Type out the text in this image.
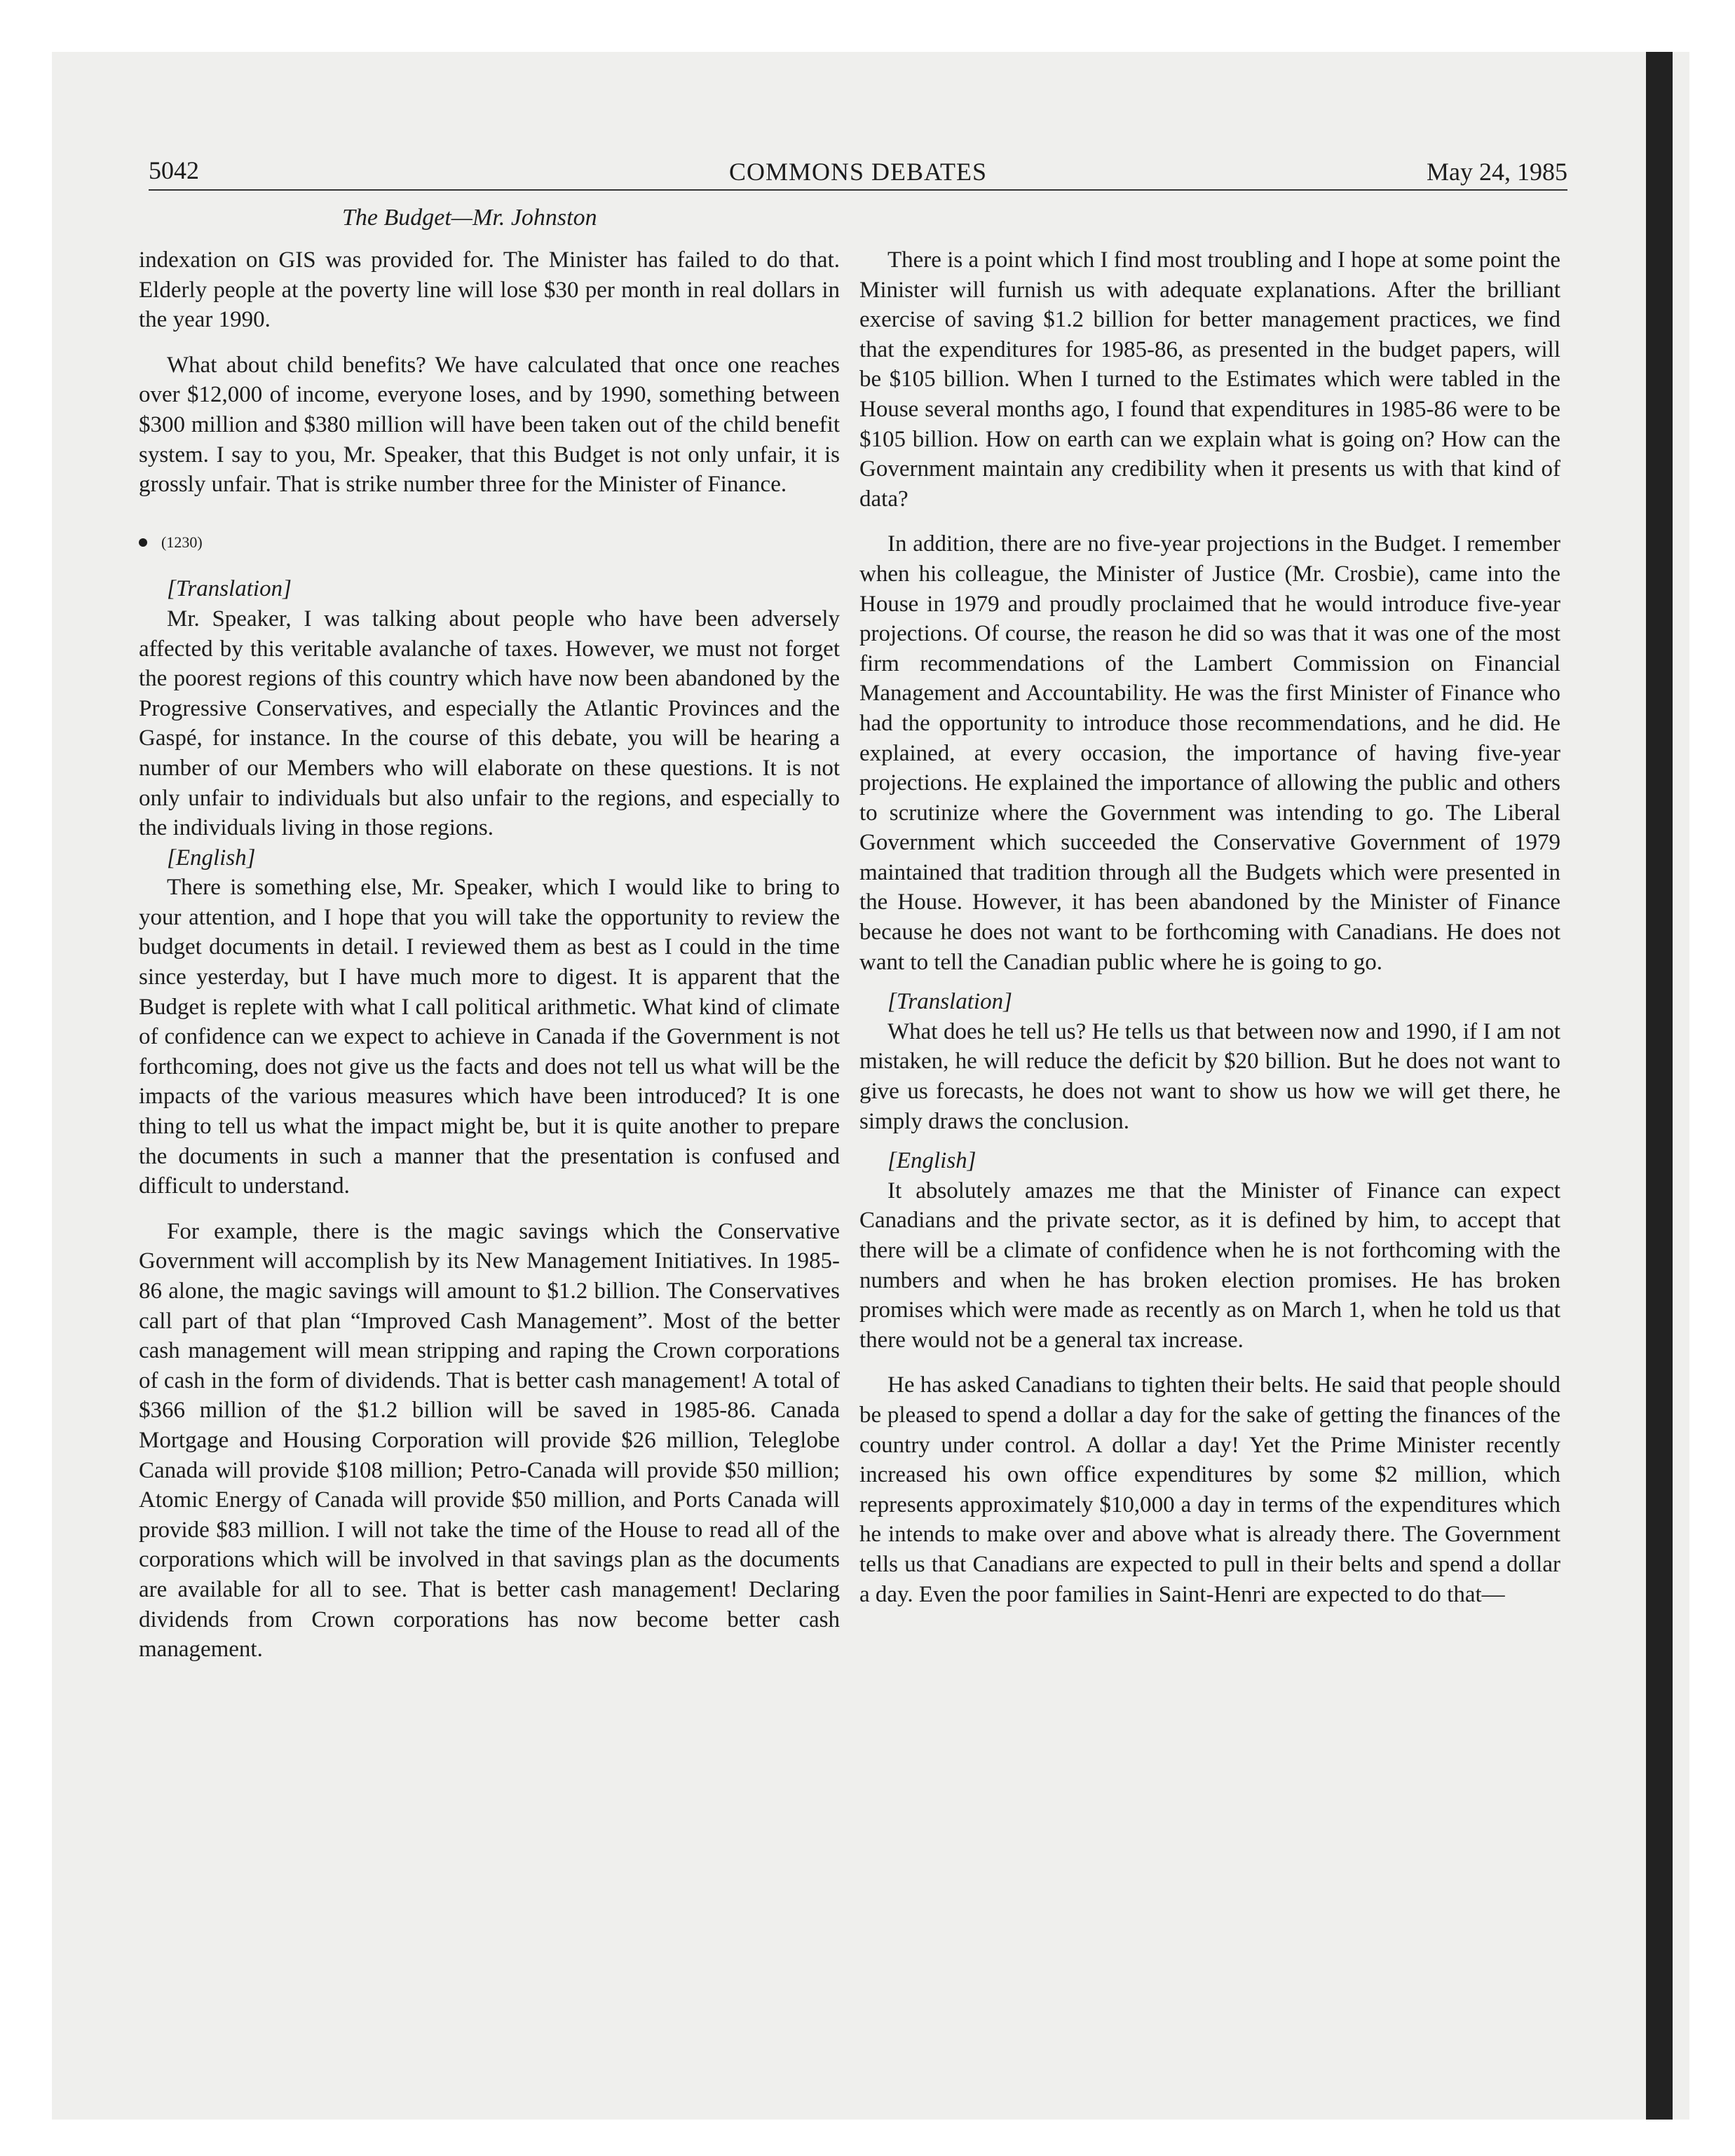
5042	COMMONS DEBATES	May 24, 1985
The Budget—Mr. Johnston

indexation on GIS was provided for. The Minister has failed to do that. Elderly people at the poverty line will lose $30 per month in real dollars in the year 1990.

What about child benefits? We have calculated that once one reaches over $12,000 of income, everyone loses, and by 1990, something between $300 million and $380 million will have been taken out of the child benefit system. I say to you, Mr. Speaker, that this Budget is not only unfair, it is grossly unfair. That is strike number three for the Minister of Finance.

(1230)

[Translation]

Mr. Speaker, I was talking about people who have been adversely affected by this veritable avalanche of taxes. However, we must not forget the poorest regions of this country which have now been abandoned by the Progressive Conservatives, and especially the Atlantic Provinces and the Gaspé, for instance. In the course of this debate, you will be hearing a number of our Members who will elaborate on these questions. It is not only unfair to individuals but also unfair to the regions, and especially to the individuals living in those regions.

[English]

There is something else, Mr. Speaker, which I would like to bring to your attention, and I hope that you will take the opportunity to review the budget documents in detail. I reviewed them as best as I could in the time since yesterday, but I have much more to digest. It is apparent that the Budget is replete with what I call political arithmetic. What kind of climate of confidence can we expect to achieve in Canada if the Government is not forthcoming, does not give us the facts and does not tell us what will be the impacts of the various measures which have been introduced? It is one thing to tell us what the impact might be, but it is quite another to prepare the documents in such a manner that the presentation is confused and difficult to understand.

For example, there is the magic savings which the Conservative Government will accomplish by its New Management Initiatives. In 1985-86 alone, the magic savings will amount to $1.2 billion. The Conservatives call part of that plan “Improved Cash Management”. Most of the better cash management will mean stripping and raping the Crown corporations of cash in the form of dividends. That is better cash management! A total of $366 million of the $1.2 billion will be saved in 1985-86. Canada Mortgage and Housing Corporation will provide $26 million, Teleglobe Canada will provide $108 million; Petro-Canada will provide $50 million; Atomic Energy of Canada will provide $50 million, and Ports Canada will provide $83 million. I will not take the time of the House to read all of the corporations which will be involved in that savings plan as the documents are available for all to see. That is better cash management! Declaring dividends from Crown corporations has now become better cash management.

There is a point which I find most troubling and I hope at some point the Minister will furnish us with adequate explanations. After the brilliant exercise of saving $1.2 billion for better management practices, we find that the expenditures for 1985-86, as presented in the budget papers, will be $105 billion. When I turned to the Estimates which were tabled in the House several months ago, I found that expenditures in 1985-86 were to be $105 billion. How on earth can we explain what is going on? How can the Government maintain any credibility when it presents us with that kind of data?

In addition, there are no five-year projections in the Budget. I remember when his colleague, the Minister of Justice (Mr. Crosbie), came into the House in 1979 and proudly proclaimed that he would introduce five-year projections. Of course, the reason he did so was that it was one of the most firm recommendations of the Lambert Commission on Financial Management and Accountability. He was the first Minister of Finance who had the opportunity to introduce those recommendations, and he did. He explained, at every occasion, the importance of having five-year projections. He explained the importance of allowing the public and others to scrutinize where the Government was intending to go. The Liberal Government which succeeded the Conservative Government of 1979 maintained that tradition through all the Budgets which were presented in the House. However, it has been abandoned by the Minister of Finance because he does not want to be forthcoming with Canadians. He does not want to tell the Canadian public where he is going to go.

[Translation]

What does he tell us? He tells us that between now and 1990, if I am not mistaken, he will reduce the deficit by $20 billion. But he does not want to give us forecasts, he does not want to show us how we will get there, he simply draws the conclusion.

[English]

It absolutely amazes me that the Minister of Finance can expect Canadians and the private sector, as it is defined by him, to accept that there will be a climate of confidence when he is not forthcoming with the numbers and when he has broken election promises. He has broken promises which were made as recently as on March 1, when he told us that there would not be a general tax increase.

He has asked Canadians to tighten their belts. He said that people should be pleased to spend a dollar a day for the sake of getting the finances of the country under control. A dollar a day! Yet the Prime Minister recently increased his own office expenditures by some $2 million, which represents approximately $10,000 a day in terms of the expenditures which he intends to make over and above what is already there. The Government tells us that Canadians are expected to pull in their belts and spend a dollar a day. Even the poor families in Saint-Henri are expected to do that—
